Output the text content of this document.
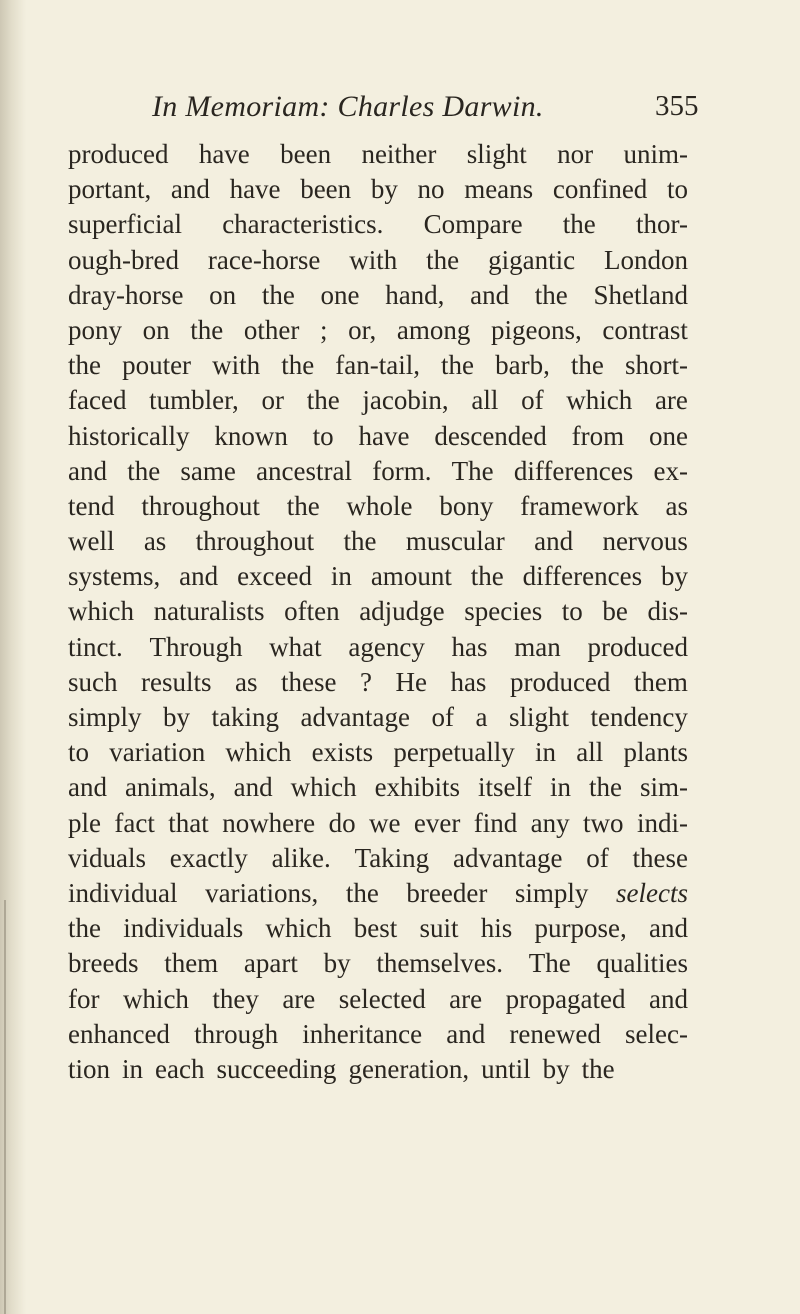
In Memoriam: Charles Darwin.	355
produced have been neither slight nor unim-
portant, and have been by no means confined to
superficial characteristics. Compare the thor-
ough-bred race-horse with the gigantic London
dray-horse on the one hand, and the Shetland
pony on the other ; or, among pigeons, contrast
the pouter with the fan-tail, the barb, the short-
faced tumbler, or the jacobin, all of which are
historically known to have descended from one
and the same ancestral form. The differences ex-
tend throughout the whole bony framework as
well as throughout the muscular and nervous
systems, and exceed in amount the differences by
which naturalists often adjudge species to be dis-
tinct. Through what agency has man produced
such results as these ? He has produced them
simply by taking advantage of a slight tendency
to variation which exists perpetually in all plants
and animals, and which exhibits itself in the sim-
ple fact that nowhere do we ever find any two indi-
viduals exactly alike. Taking advantage of these
individual variations, the breeder simply selects
the individuals which best suit his purpose, and
breeds them apart by themselves. The qualities
for which they are selected are propagated and
enhanced through inheritance and renewed selec-
tion in each succeeding generation, until by the
